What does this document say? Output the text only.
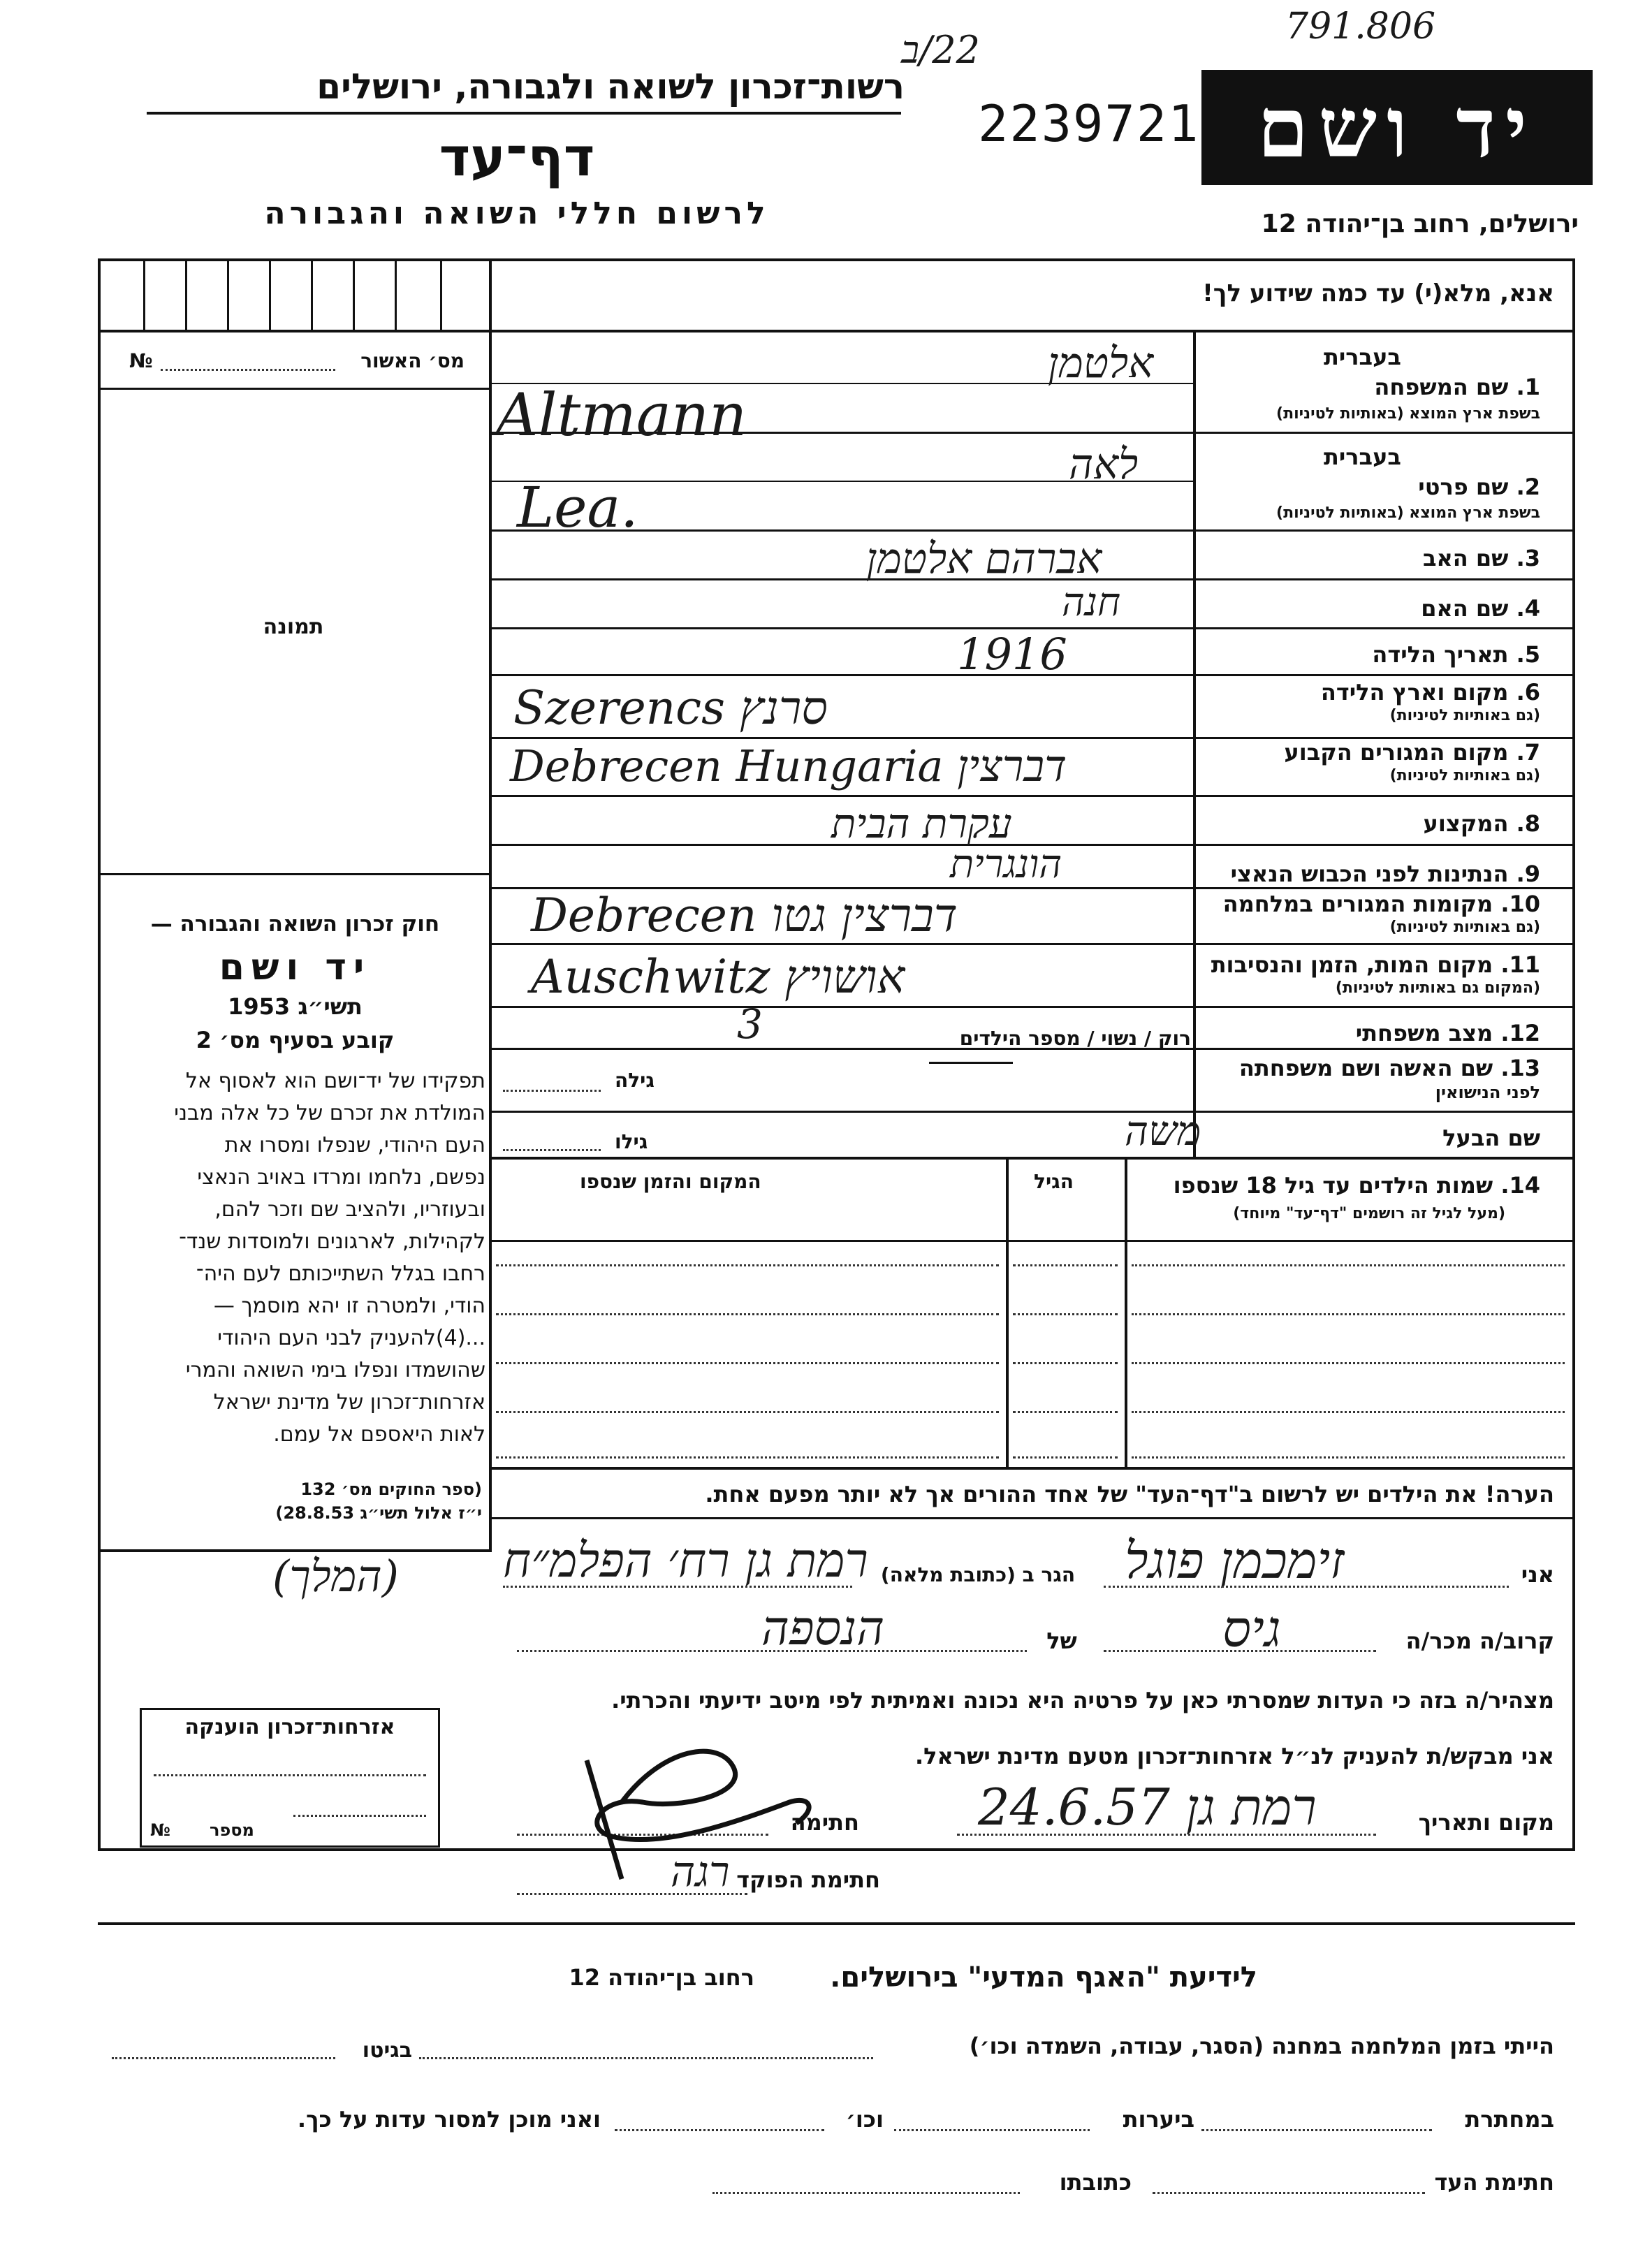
791.806
22/ב
2239721
רשות־זכרון לשואה ולגבורה, ירושלים
דף־עד
לרשום חללי השואה והגבורה
יד ושם
ירושלים, רחוב בן־יהודה 12
אנא, מלא(י) עד כמה שידוע לך!
מס׳ האשור
№
תמונה
בעברית
1. שם המשפחה
בשפת ארץ המוצא (באותיות לטיניות)
אלטמן
Altmann
בעברית
2. שם פרטי
בשפת ארץ המוצא (באותיות לטיניות)
לאה
Lea.
3. שם האב
אברהם אלטמן
4. שם האם
חנה
5. תאריך הלידה
1916
6. מקום וארץ הלידה
(גם באותיות לטיניות)
Szerencs סרנץ
7. מקום המגורים הקבוע
(גם באותיות לטיניות)
Debrecen Hungaria דברצין
8. המקצוע
עקרת הבית
9. הנתינות לפני הכבוש הנאצי
הונגרית
10. מקומות המגורים במלחמה
(גם באותיות לטיניות)
Debrecen דברצין גטו
11. מקום המות, הזמן והנסיבות
(המקום גם באותיות לטיניות)
Auschwitz אושויץ
12. מצב משפחתי
רוק / נשוי / מספר הילדים
3
13. שם האשה ושם משפחתה
לפני הנישואין
גילה
שם הבעל
משה
גילו
14. שמות הילדים עד גיל 18 שנספו
(מעל לגיל זה רושמים "דף־עד" מיוחד)
הגיל
המקום והזמן שנספו
הערה! את הילדים יש לרשום ב"דף־העד" של אחד ההורים אך לא יותר מפעם אחת.
חוק זכרון השואה והגבורה —
יד ושם
תשי״ג 1953
קובע בסעיף מס׳ 2
תפקידו של יד־ושם הוא לאסוף אל
המולדת את זכרם של כל אלה מבני
העם היהודי, שנפלו ומסרו את
נפשם, נלחמו ומרדו באויב הנאצי
ובעוזריו, ולהציב שם וזכר להם,
לקהילות, לארגונים ולמוסדות שנד־
רחבו בגלל השתייכותם לעם היה־
הודי, ולמטרה זו יהא מוסמך —
...(4)להעניק לבני העם היהודי
שהושמדו ונפלו בימי השואה והמרי
אזרחות־זכרון של מדינת ישראל
לאות היאספם אל עמם.
(ספר החוקים מס׳ 132
י״ז אלול תשי״ג 28.8.53)
אני
זימכמן פוגל
הגר ב (כתובת מלאה)
רמת גן רח׳ הפלמ״ח
(המלך)
קרוב/ה מכר/ה
גיס
של
הנספה
מצהיר/ה בזה כי העדות שמסרתי כאן על פרטיה היא נכונה ואמיתית לפי מיטב ידיעתי והכרתי.
אני מבקש/ת להעניק לנ״ל אזרחות־זכרון מטעם מדינת ישראל.
מקום ותאריך
24.6.57 רמת גן
חתימה
חתימת הפוקד
רגה
אזרחות־זכרון הוענקה
מספר
№
לידיעת "האגף המדעי" בירושלים.
רחוב בן־יהודה 12
הייתי בזמן המלחמה במחנה (הסגר, עבודה, השמדה וכו׳)
בגיטו
במחתרת
ביערות
וכו׳
ואני מוכן למסור עדות על כך.
חתימת העד
כתובתו
